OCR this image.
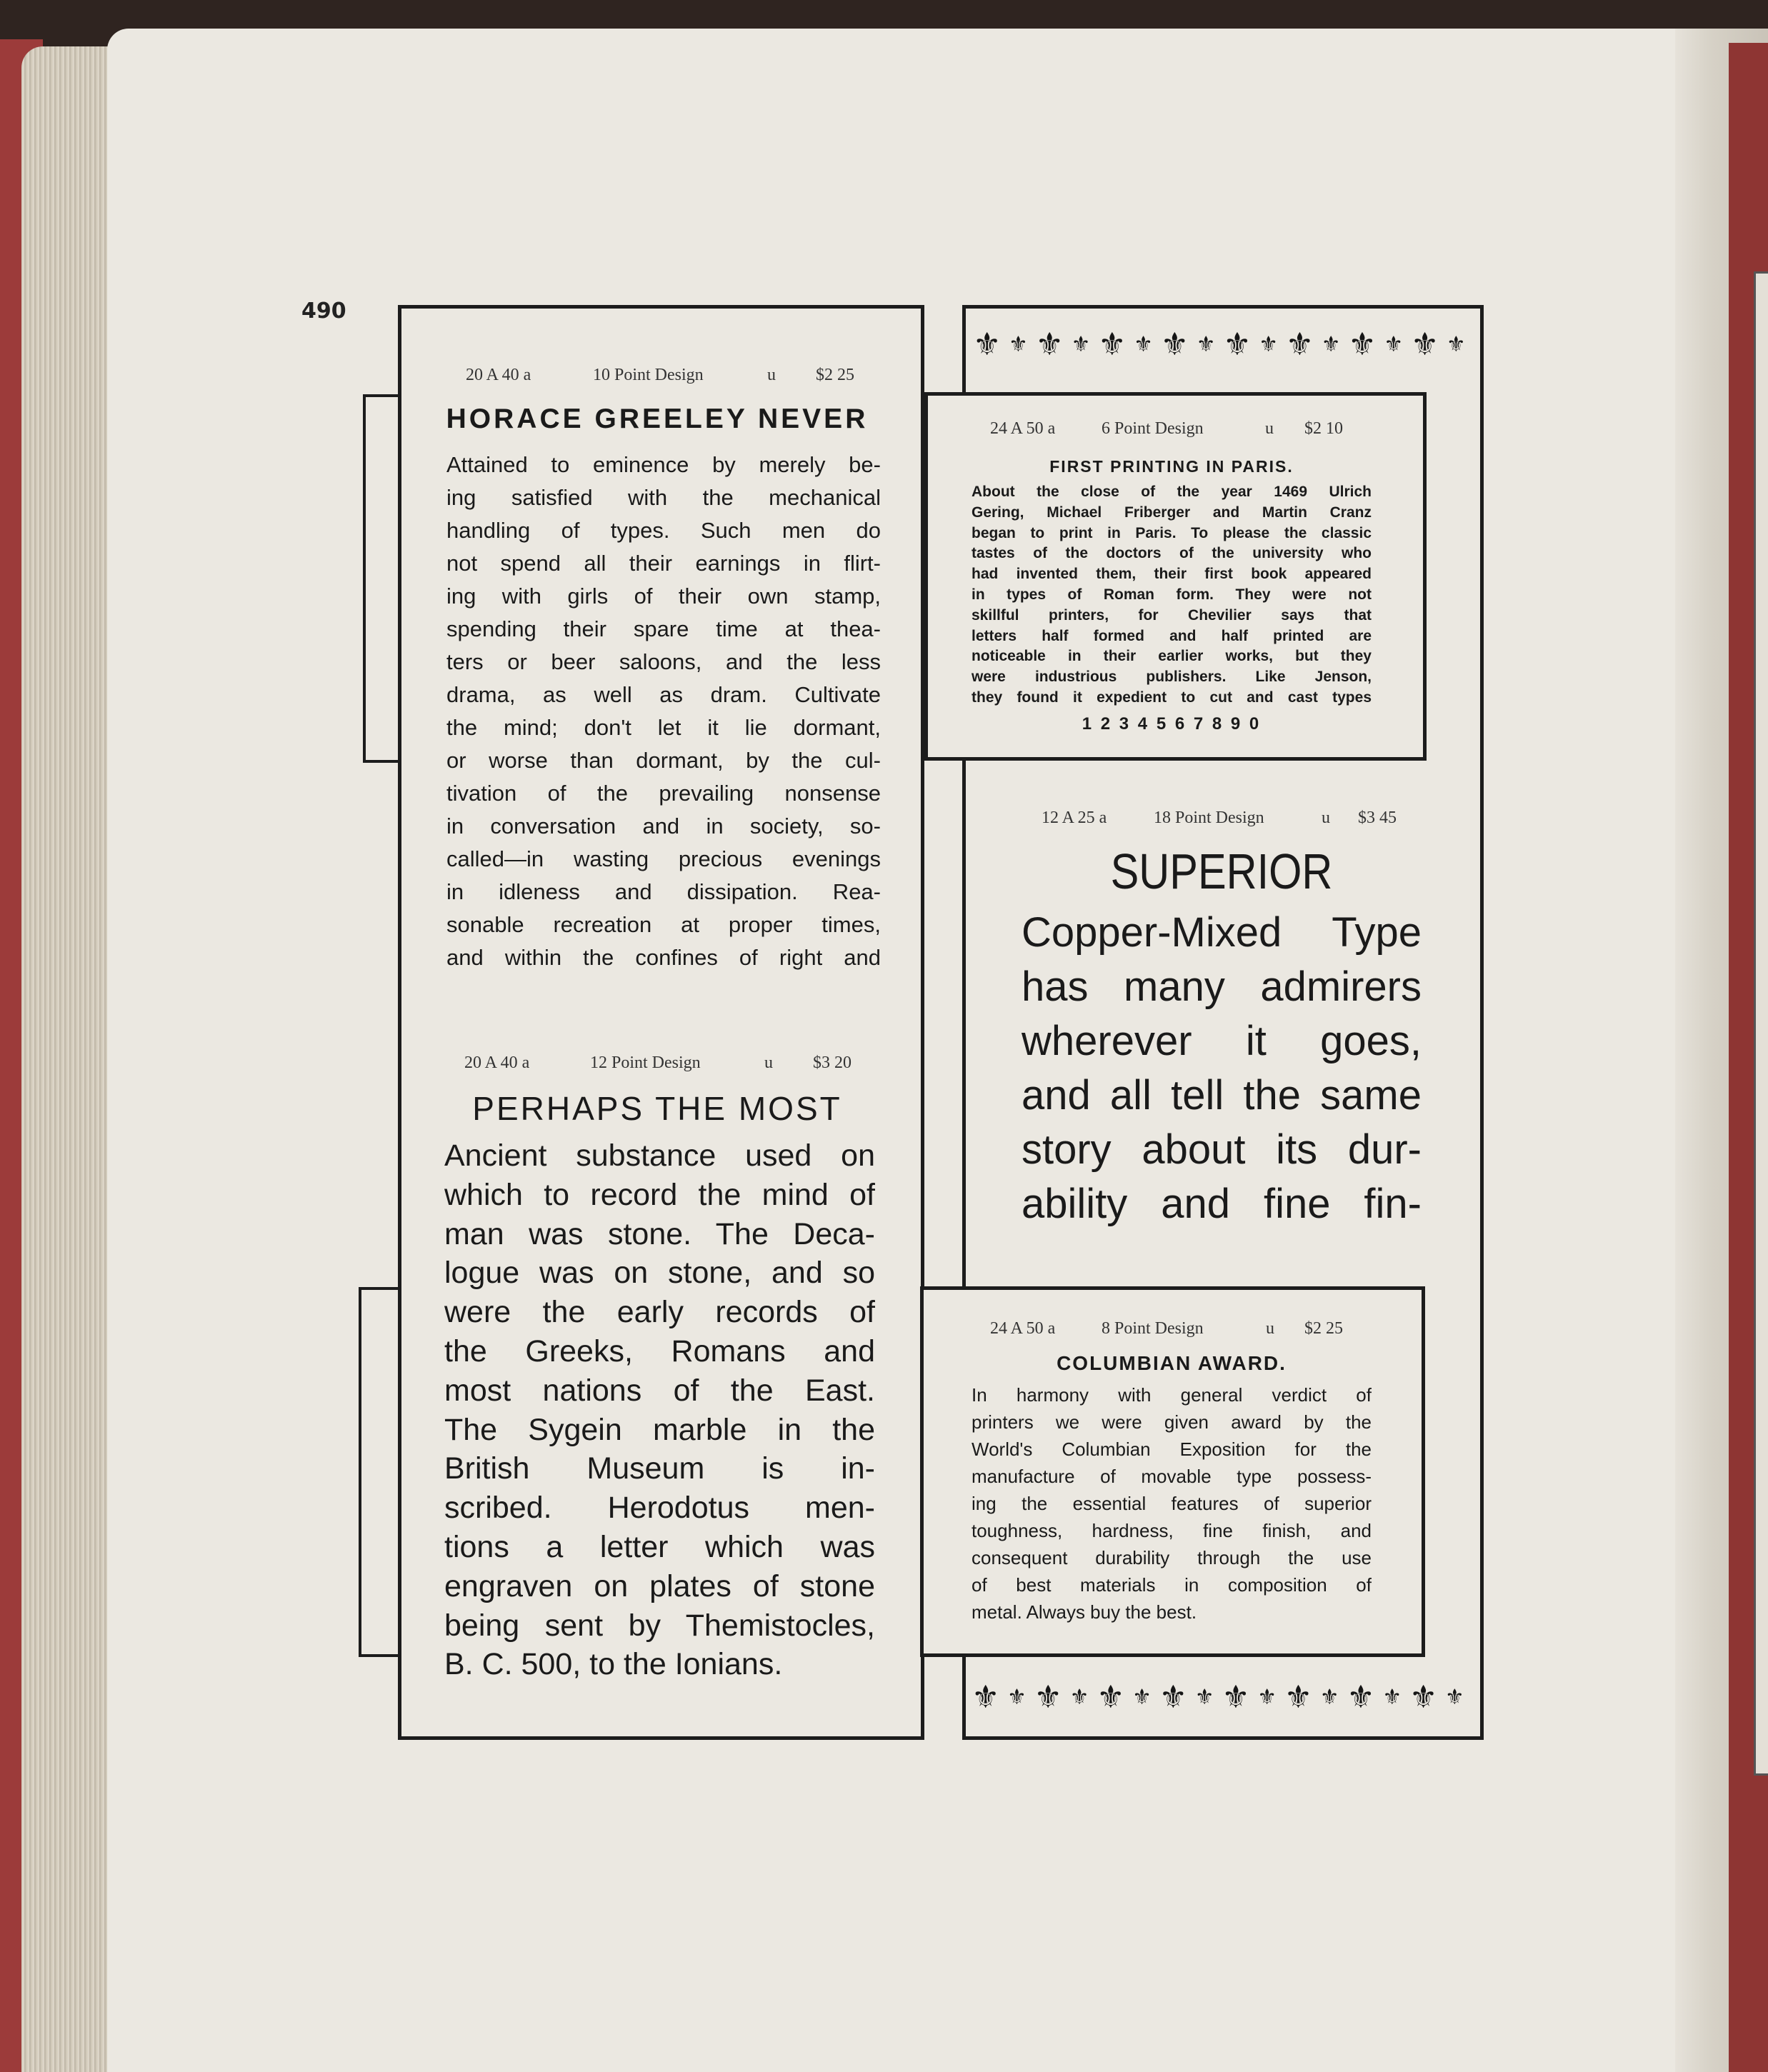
490
20 A 40 a	10 Point Design	u $2 25
HORACE GREELEY NEVER
Attained to eminence by merely be-
ing satisfied with the mechanical
handling of types. Such men do
not spend all their earnings in flirt-
ing with girls of their own stamp,
spending their spare time at thea-
ters or beer saloons, and the less
drama, as well as dram. Cultivate
the mind; don't let it lie dormant,
or worse than dormant, by the cul-
tivation of the prevailing nonsense
in conversation and in society, so-
called—in wasting precious evenings
in idleness and dissipation. Rea-
sonable recreation at proper times,
and within the confines of right and
20 A 40 a	12 Point Design	u $3 20
PERHAPS THE MOST
Ancient substance used on
which to record the mind of
man was stone. The Deca-
logue was on stone, and so
were the early records of
the Greeks, Romans and
most nations of the East.
The Sygein marble in the
British Museum is in-
scribed. Herodotus men-
tions a letter which was
engraven on plates of stone
being sent by Themistocles,
B. C. 500, to the Ionians.
⚜ ⚜ ⚜ ⚜ ⚜ ⚜ ⚜ ⚜ ⚜ ⚜ ⚜ ⚜ ⚜ ⚜ ⚜ ⚜
24 A 50 a	6 Point Design	u $2 10
FIRST PRINTING IN PARIS.
About the close of the year 1469 Ulrich
Gering, Michael Friberger and Martin Cranz
began to print in Paris. To please the classic
tastes of the doctors of the university who
had invented them, their first book appeared
in types of Roman form. They were not
skillful printers, for Chevilier says that
letters half formed and half printed are
noticeable in their earlier works, but they
were industrious publishers. Like Jenson,
they found it expedient to cut and cast types
1 2 3 4 5 6 7 8 9 0
12 A 25 a	18 Point Design	u $3 45
SUPERIOR
Copper-Mixed Type
has many admirers
wherever it goes,
and all tell the same
story about its dur-
ability and fine fin-
24 A 50 a	8 Point Design	u $2 25
COLUMBIAN AWARD.
In harmony with general verdict of
printers we were given award by the
World's Columbian Exposition for the
manufacture of movable type possess-
ing the essential features of superior
toughness, hardness, fine finish, and
consequent durability through the use
of best materials in composition of
metal. Always buy the best.
⚜ ⚜ ⚜ ⚜ ⚜ ⚜ ⚜ ⚜ ⚜ ⚜ ⚜ ⚜ ⚜ ⚜ ⚜ ⚜
